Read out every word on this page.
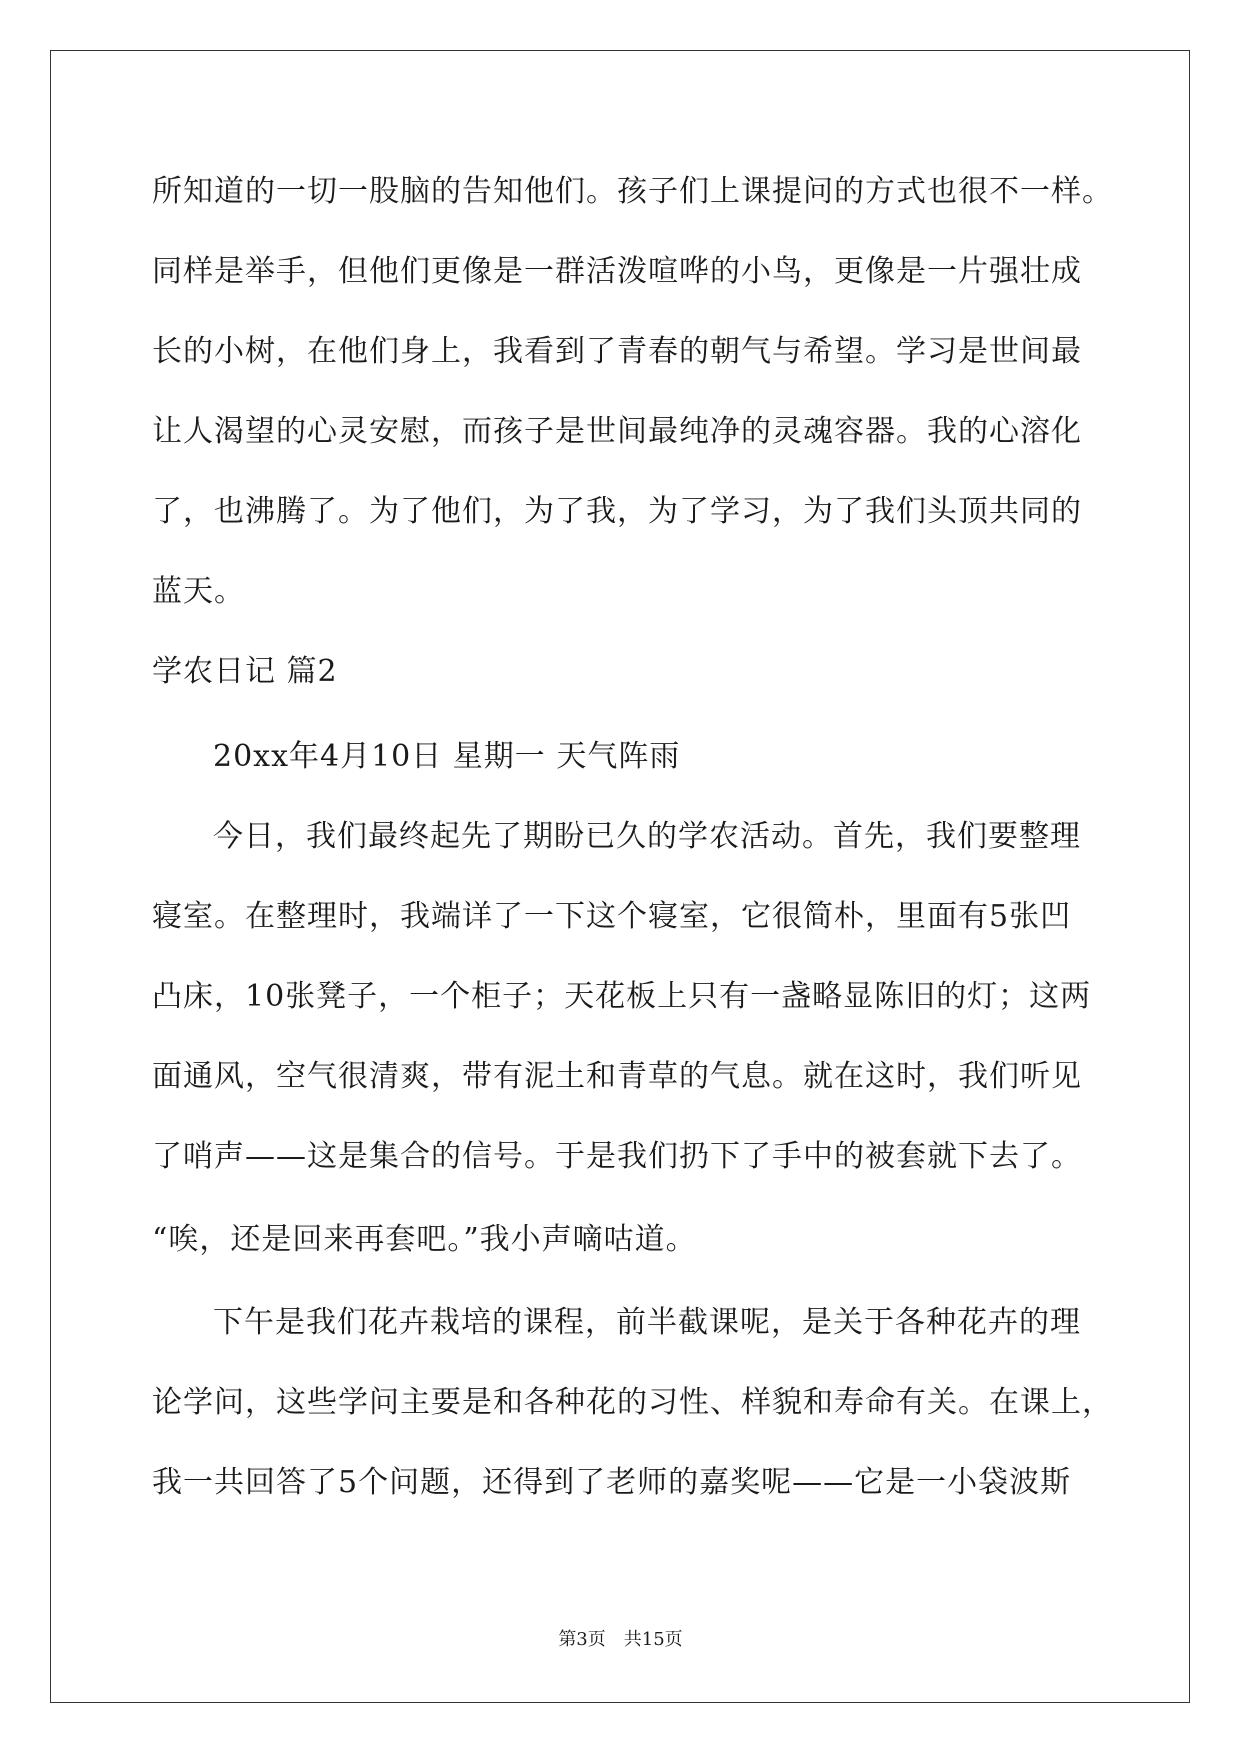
所知道的一切一股脑的告知他们。孩子们上课提问的方式也很不一样。
同样是举手，但他们更像是一群活泼喧哗的小鸟，更像是一片强壮成
长的小树，在他们身上，我看到了青春的朝气与希望。学习是世间最
让人渴望的心灵安慰，而孩子是世间最纯净的灵魂容器。我的心溶化
了，也沸腾了。为了他们，为了我，为了学习，为了我们头顶共同的
蓝天。
学农日记 篇2
20xx年4月10日 星期一 天气阵雨
今日，我们最终起先了期盼已久的学农活动。首先，我们要整理
寝室。在整理时，我端详了一下这个寝室，它很简朴，里面有5张凹
凸床，10张凳子，一个柜子；天花板上只有一盏略显陈旧的灯；这两
面通风，空气很清爽，带有泥土和青草的气息。就在这时，我们听见
了哨声——这是集合的信号。于是我们扔下了手中的被套就下去了。
“唉，还是回来再套吧。”我小声嘀咕道。
下午是我们花卉栽培的课程，前半截课呢，是关于各种花卉的理
论学问，这些学问主要是和各种花的习性、样貌和寿命有关。在课上，
我一共回答了5个问题，还得到了老师的嘉奖呢——它是一小袋波斯
第3页　共15页
